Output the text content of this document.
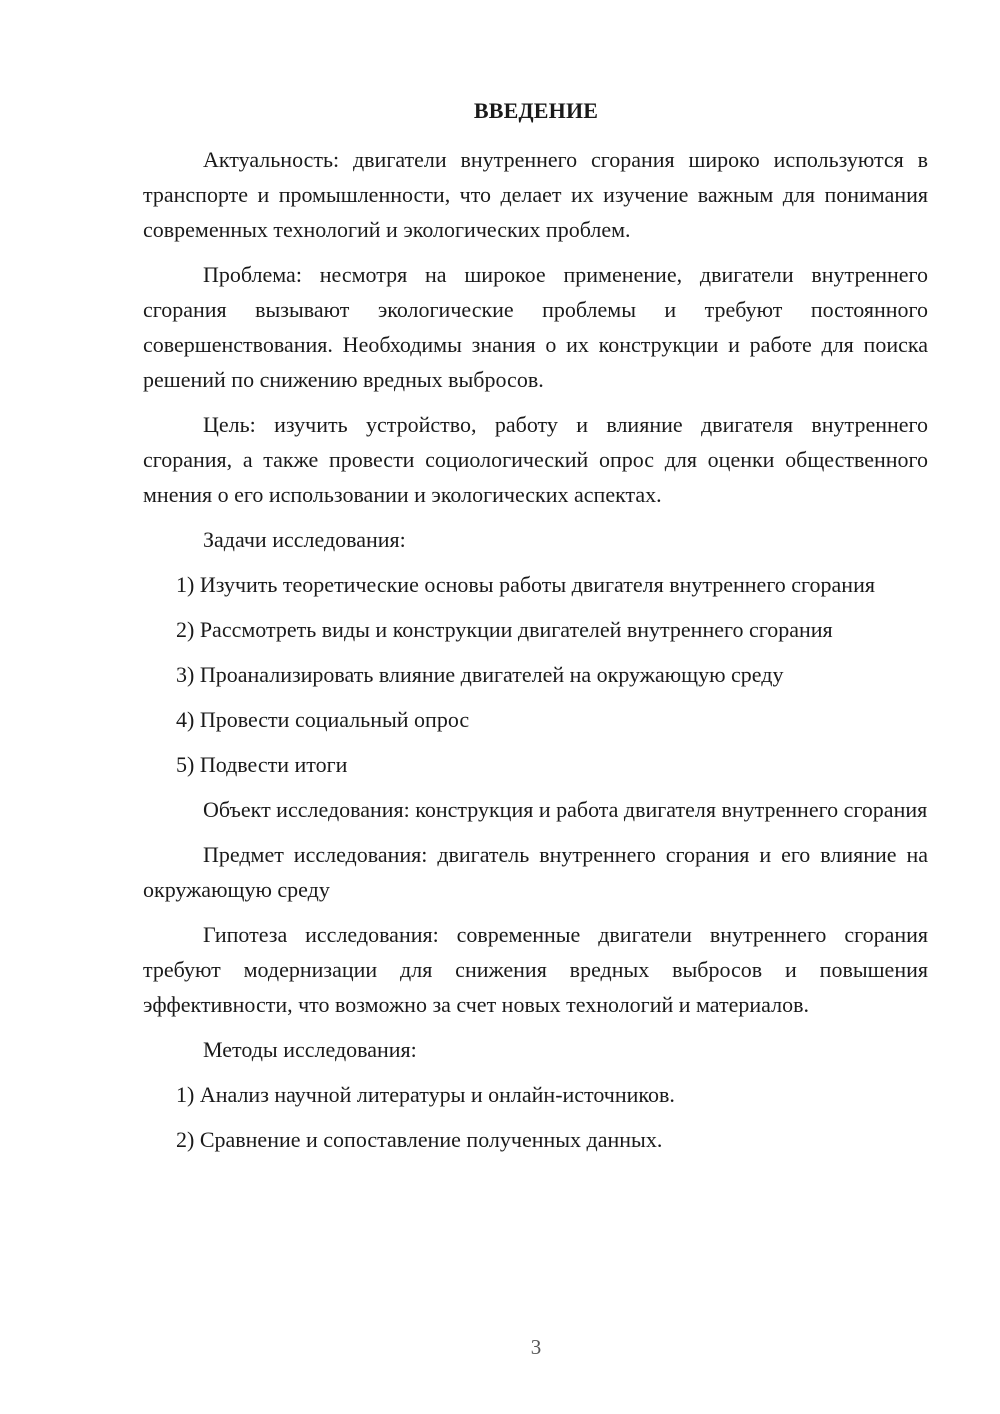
ВВЕДЕНИЕ

Актуальность: двигатели внутреннего сгорания широко используются в транспорте и промышленности, что делает их изучение важным для понимания современных технологий и экологических проблем.

Проблема: несмотря на широкое применение, двигатели внутреннего сгорания вызывают экологические проблемы и требуют постоянного совершенствования. Необходимы знания о их конструкции и работе для поиска решений по снижению вредных выбросов.

Цель: изучить устройство, работу и влияние двигателя внутреннего сгорания, а также провести социологический опрос для оценки общественного мнения о его использовании и экологических аспектах.

Задачи исследования:

1) Изучить теоретические основы работы двигателя внутреннего сгорания

2) Рассмотреть виды и конструкции двигателей внутреннего сгорания

3) Проанализировать влияние двигателей на окружающую среду

4) Провести социальный опрос

5) Подвести итоги

Объект исследования: конструкция и работа двигателя внутреннего сгорания

Предмет исследования: двигатель внутреннего сгорания и его влияние на окружающую среду

Гипотеза исследования: современные двигатели внутреннего сгорания требуют модернизации для снижения вредных выбросов и повышения эффективности, что возможно за счет новых технологий и материалов.

Методы исследования:

1) Анализ научной литературы и онлайн-источников.

2) Сравнение и сопоставление полученных данных.

3
